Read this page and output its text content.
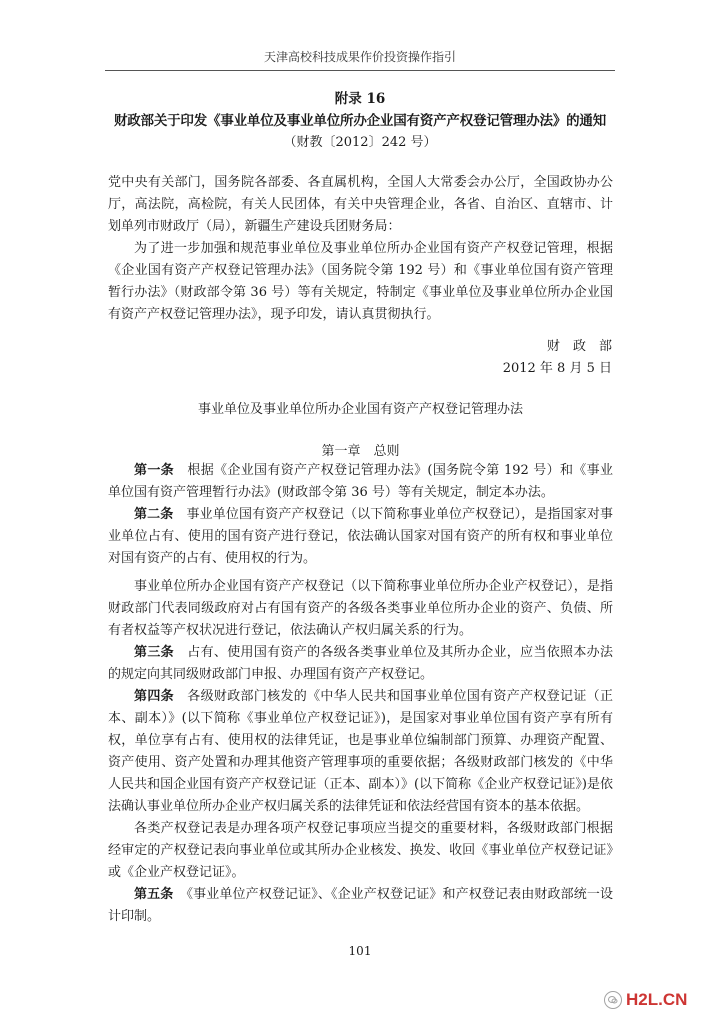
天津高校科技成果作价投资操作指引
附录 16
财政部关于印发《事业单位及事业单位所办企业国有资产产权登记管理办法》的通知
（财教〔2012〕242 号）

党中央有关部门，国务院各部委、各直属机构，全国人大常委会办公厅，全国政协办公厅，高法院，高检院，有关人民团体，有关中央管理企业，各省、自治区、直辖市、计划单列市财政厅（局），新疆生产建设兵团财务局：

为了进一步加强和规范事业单位及事业单位所办企业国有资产产权登记管理，根据《企业国有资产产权登记管理办法》（国务院令第 192 号）和《事业单位国有资产管理暂行办法》（财政部令第 36 号）等有关规定，特制定《事业单位及事业单位所办企业国有资产产权登记管理办法》，现予印发，请认真贯彻执行。

财　政　部
2012 年 8 月 5 日
事业单位及事业单位所办企业国有资产产权登记管理办法
第一章　总则

第一条　 根据《企业国有资产产权登记管理办法》(国务院令第 192 号）和《事业单位国有资产管理暂行办法》(财政部令第 36 号）等有关规定，制定本办法。

第二条　 事业单位国有资产产权登记（以下简称事业单位产权登记），是指国家对事业单位占有、使用的国有资产进行登记，依法确认国家对国有资产的所有权和事业单位对国有资产的占有、使用权的行为。

事业单位所办企业国有资产产权登记（以下简称事业单位所办企业产权登记），是指财政部门代表同级政府对占有国有资产的各级各类事业单位所办企业的资产、负债、所有者权益等产权状况进行登记，依法确认产权归属关系的行为。

第三条　 占有、使用国有资产的各级各类事业单位及其所办企业，应当依照本办法的规定向其同级财政部门申报、办理国有资产产权登记。

第四条　 各级财政部门核发的《中华人民共和国事业单位国有资产产权登记证（正本、副本）》(以下简称《事业单位产权登记证》)，是国家对事业单位国有资产享有所有权，单位享有占有、使用权的法律凭证，也是事业单位编制部门预算、办理资产配置、资产使用、资产处置和办理其他资产管理事项的重要依据；各级财政部门核发的《中华人民共和国企业国有资产产权登记证（正本、副本）》(以下简称《企业产权登记证》)是依法确认事业单位所办企业产权归属关系的法律凭证和依法经营国有资本的基本依据。

各类产权登记表是办理各项产权登记事项应当提交的重要材料，各级财政部门根据经审定的产权登记表向事业单位或其所办企业核发、换发、收回《事业单位产权登记证》或《企业产权登记证》。

第五条　 《事业单位产权登记证》、《企业产权登记证》和产权登记表由财政部统一设计印制。

101
H2L.CN
